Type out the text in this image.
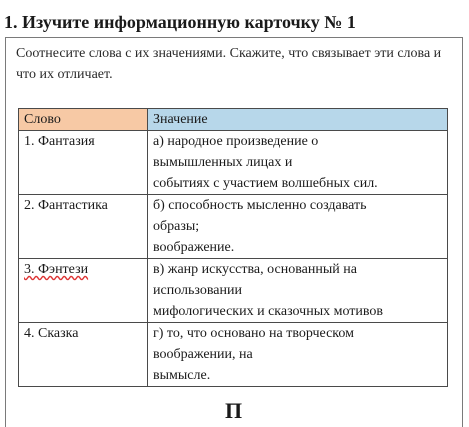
1. Изучите информационную карточку № 1
Соотнесите слова с их значениями. Скажите, что связывает эти слова и что их отличает.
Слово	Значение
1. Фантазия	а) народное произведение о
вымышленных лицах и
событиях с участием волшебных сил.

2. Фантастика	б) способность мысленно создавать
образы;
воображение.

3. Фэнтези	в) жанр искусства, основанный на
использовании
мифологических и сказочных мотивов

4. Сказка	г) то, что основано на творческом
воображении, на
вымысле.
П
